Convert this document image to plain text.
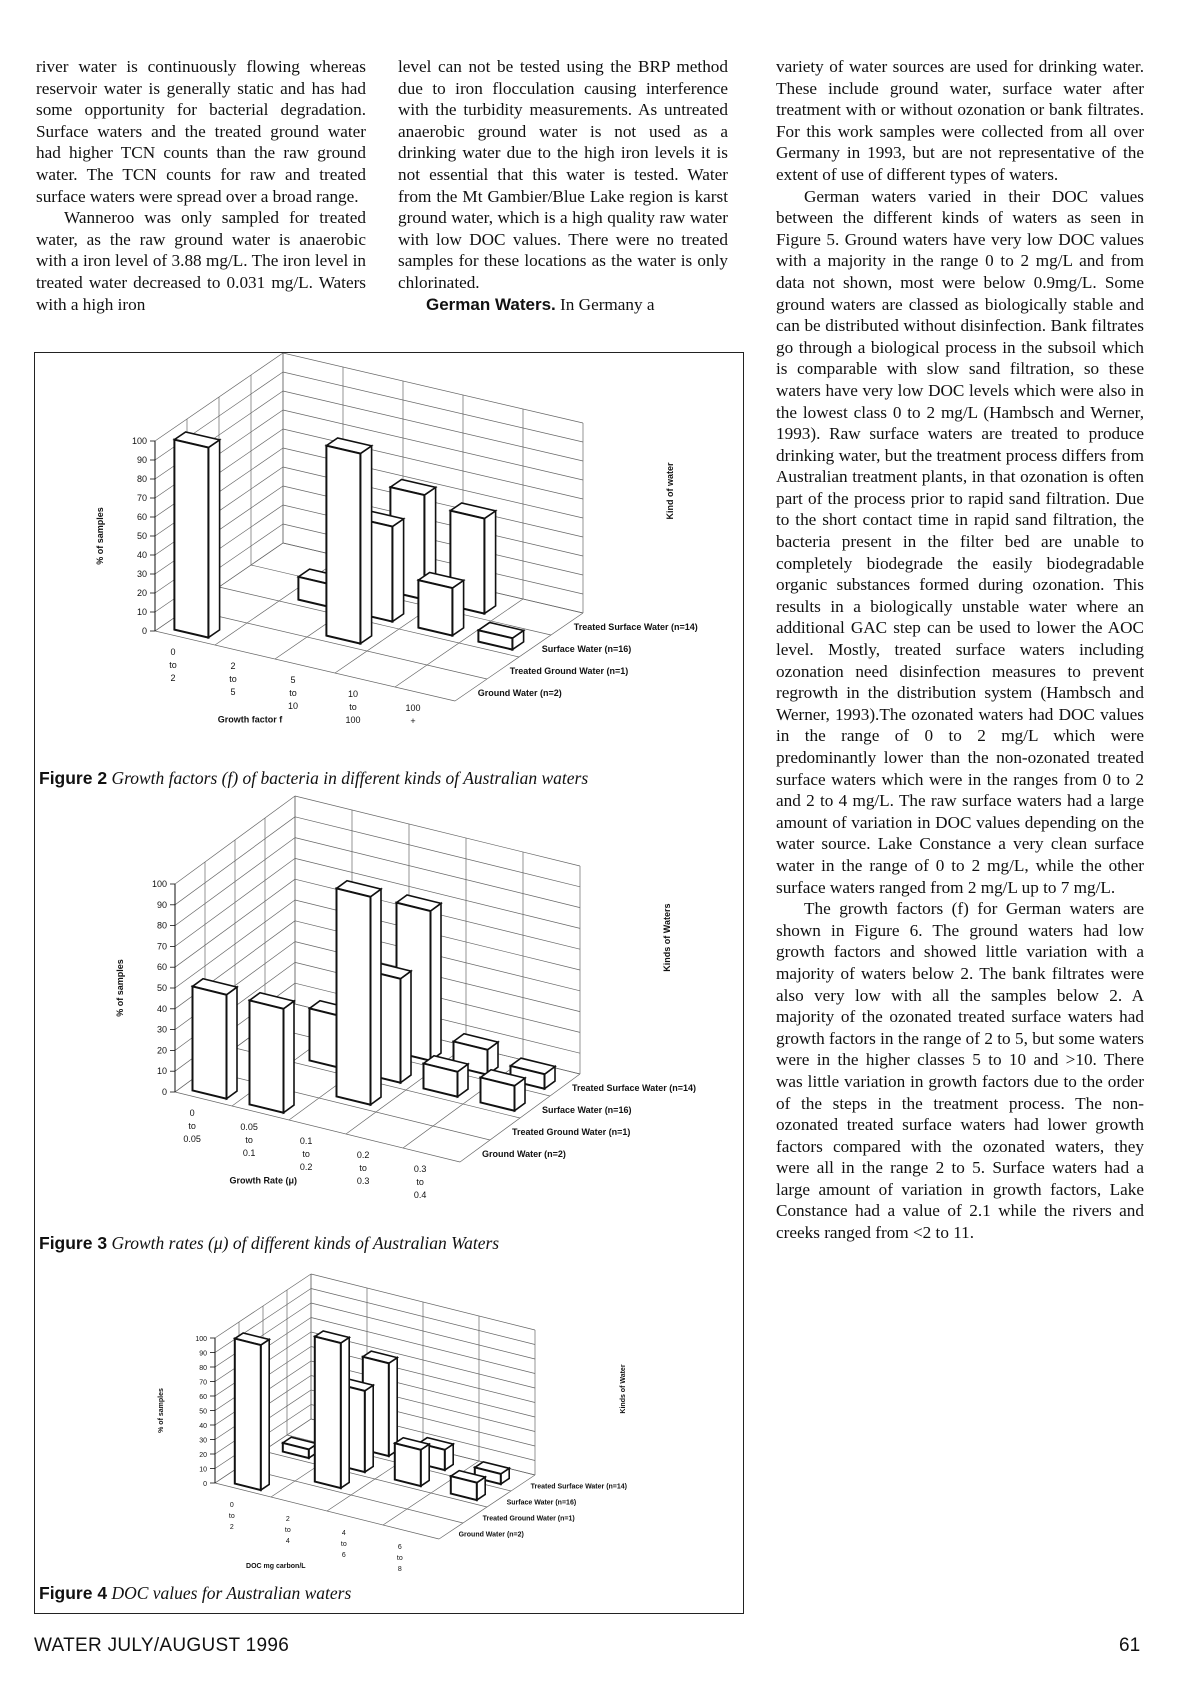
river water is continuously flowing whereas reservoir water is generally static and has had some opportunity for bacterial degradation. Surface waters and the treated ground water had higher TCN counts than the raw ground water. The TCN counts for raw and treated surface waters were spread over a broad range.

Wanneroo was only sampled for treated water, as the raw ground water is anaerobic with a iron level of 3.88 mg/L. The iron level in treated water decreased to 0.031 mg/L. Waters with a high iron

level can not be tested using the BRP method due to iron flocculation causing interference with the turbidity measurements. As untreated anaerobic ground water is not used as a drinking water due to the high iron levels it is not essential that this water is tested. Water from the Mt Gambier/Blue Lake region is karst ground water, which is a high quality raw water with low DOC values. There were no treated samples for these locations as the water is only chlorinated.

German Waters. In Germany a

variety of water sources are used for drinking water. These include ground water, surface water after treatment with or without ozonation or bank filtrates. For this work samples were collected from all over Germany in 1993, but are not representative of the extent of use of different types of waters.

German waters varied in their DOC values between the different kinds of waters as seen in Figure 5. Ground waters have very low DOC values with a majority in the range 0 to 2 mg/L and from data not shown, most were below 0.9mg/L. Some ground waters are classed as biologically stable and can be distributed without disinfection. Bank filtrates go through a biological process in the subsoil which is comparable with slow sand filtration, so these waters have very low DOC levels which were also in the lowest class 0 to 2 mg/L (Hambsch and Werner, 1993). Raw surface waters are treated to produce drinking water, but the treatment process differs from Australian treatment plants, in that ozonation is often part of the process prior to rapid sand filtration. Due to the short contact time in rapid sand filtration, the bacteria present in the filter bed are unable to completely biodegrade the easily biodegradable organic substances formed during ozonation. This results in a biologically unstable water where an additional GAC step can be used to lower the AOC level. Mostly, treated surface waters including ozonation need disinfection measures to prevent regrowth in the distribution system (Hambsch and Werner, 1993).The ozonated waters had DOC values in the range of 0 to 2 mg/L which were predominantly lower than the non-ozonated treated surface waters which were in the ranges from 0 to 2 and 2 to 4 mg/L. The raw surface waters had a large amount of variation in DOC values depending on the water source. Lake Constance a very clean surface water in the range of 0 to 2 mg/L, while the other surface waters ranged from 2 mg/L up to 7 mg/L.

The growth factors (f) for German waters are shown in Figure 6. The ground waters had low growth factors and showed little variation with a majority of waters below 2. The bank filtrates were also very low with all the samples below 2. A majority of the ozonated treated surface waters had growth factors in the range of 2 to 5, but some waters were in the higher classes 5 to 10 and >10. There was little variation in growth factors due to the order of the steps in the treatment process. The non-ozonated treated surface waters had lower growth factors compared with the ozonated waters, they were all in the range 2 to 5. Surface waters had a large amount of variation in growth factors, Lake Constance had a value of 2.1 while the rivers and creeks ranged from <2 to 11.

0
10
20
30
40
50
60
70
80
90
100
0 to 2
2 to 5
5 to 10
10 to 100
100 +
Ground Water (n=2)
Treated Ground Water (n=1)
Surface Water (n=16)
Treated Surface Water (n=14)
Growth factor f
% of samples
Kind of water
Figure 2 Growth factors (f) of bacteria in different kinds of Australian waters
0
10
20
30
40
50
60
70
80
90
100
0 to 0.05
0.05 to 0.1
0.1 to 0.2
0.2 to 0.3
0.3 to 0.4
Ground Water (n=2)
Treated Ground Water (n=1)
Surface Water (n=16)
Treated Surface Water (n=14)
Growth Rate (μ)
% of samples
Kinds of Waters
Figure 3 Growth rates (μ) of different kinds of Australian Waters
0
10
20
30
40
50
60
70
80
90
100
0 to 2
2 to 4
4 to 6
6 to 8
Ground Water (n=2)
Treated Ground Water (n=1)
Surface Water (n=16)
Treated Surface Water (n=14)
DOC mg carbon/L
% of samples	Kinds of Water
Figure 4 DOC values for Australian waters
WATER JULY/AUGUST 1996	61
